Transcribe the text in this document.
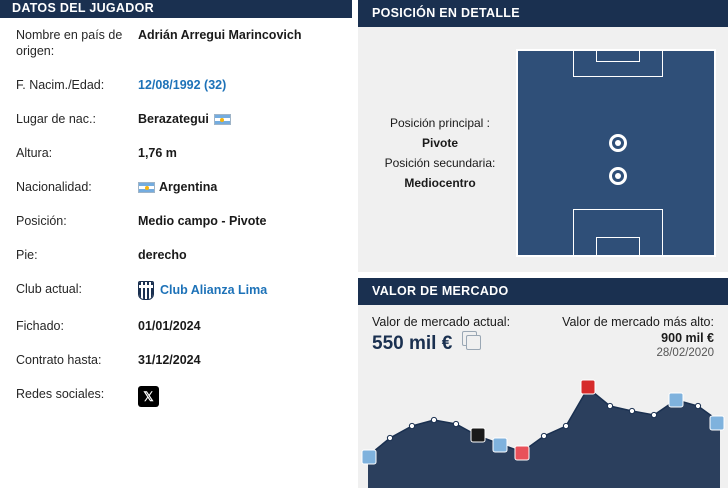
DATOS DEL JUGADOR
Nombre en país de origen:	Adrián Arregui Marincovich
F. Nacim./Edad:	12/08/1992 (32)
Lugar de nac.:	Berazategui
Altura:	1,76 m
Nacionalidad:	Argentina
Posición:	Medio campo - Pivote
Pie:	derecho
Club actual:	Club Alianza Lima
Fichado:	01/01/2024
Contrato hasta:	31/12/2024
Redes sociales:	𝕏
POSICIÓN EN DETALLE
Posición principal :
Pivote
Posición secundaria:
Mediocentro
VALOR DE MERCADO
Valor de mercado actual:
550 mil €
Valor de mercado más alto:
900 mil €
28/02/2020
